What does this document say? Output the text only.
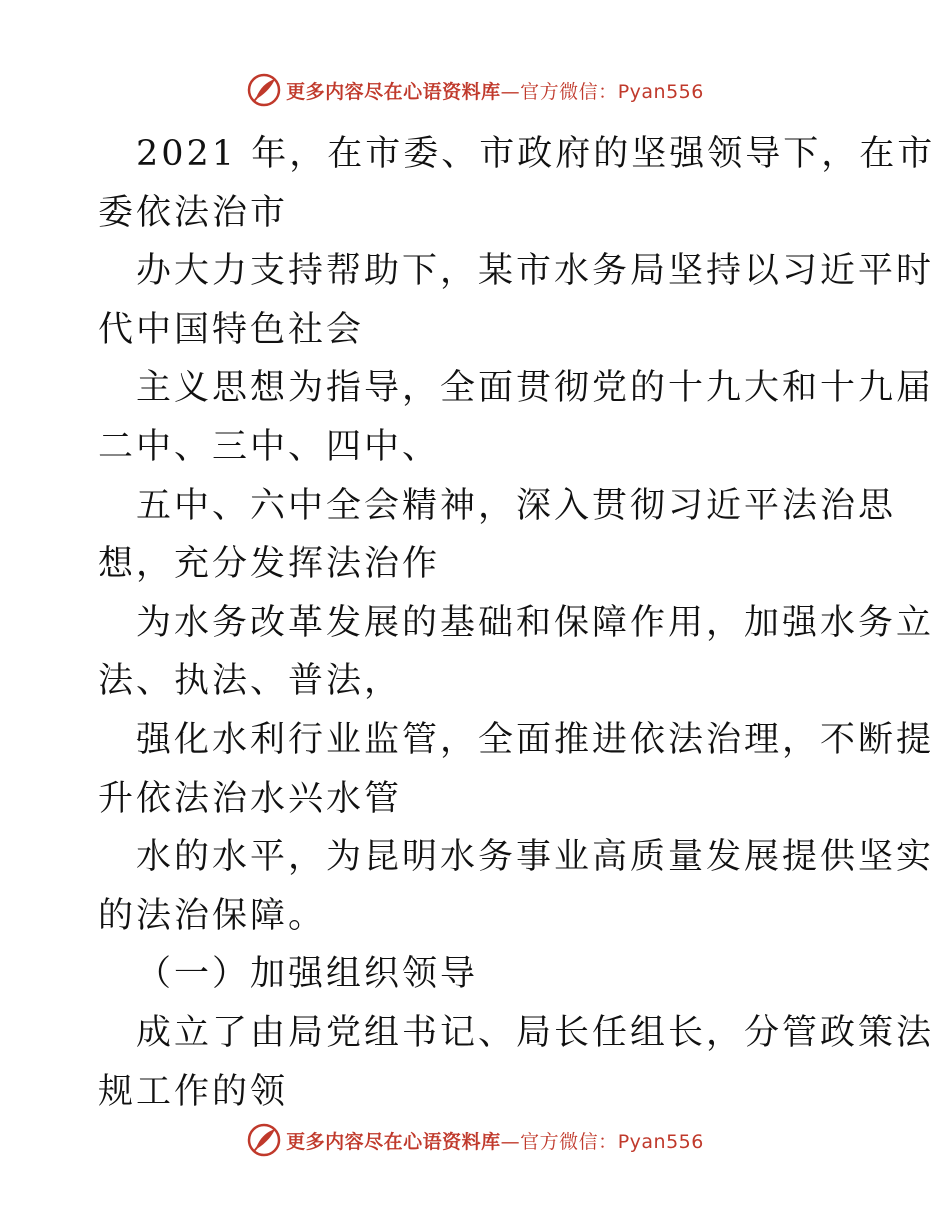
更多内容尽在心语资料库—官方微信：Pyan556
2021 年，在市委、市政府的坚强领导下，在市
委依法治市
办大力支持帮助下，某市水务局坚持以习近平时
代中国特色社会
主义思想为指导，全面贯彻党的十九大和十九届
二中、三中、四中、
五中、六中全会精神，深入贯彻习近平法治思
想，充分发挥法治作
为水务改革发展的基础和保障作用，加强水务立
法、执法、普法，
强化水利行业监管，全面推进依法治理，不断提
升依法治水兴水管
水的水平，为昆明水务事业高质量发展提供坚实
的法治保障。
（一）加强组织领导
成立了由局党组书记、局长任组长，分管政策法
规工作的领
更多内容尽在心语资料库—官方微信：Pyan556
